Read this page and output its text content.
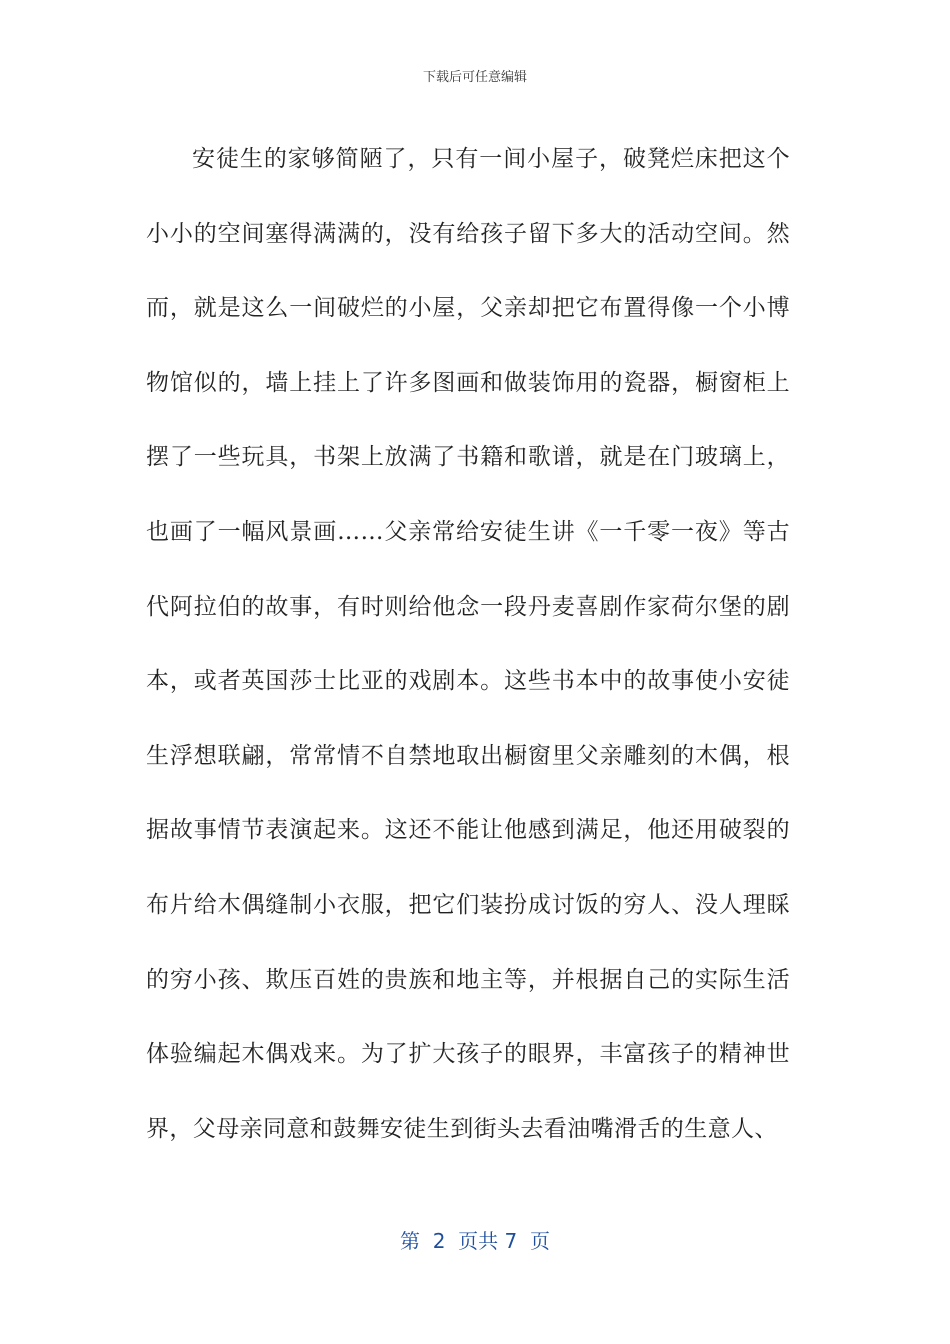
下载后可任意编辑

安徒生的家够简陋了，只有一间小屋子，破凳烂床把这个小小的空间塞得满满的，没有给孩子留下多大的活动空间。然而，就是这么一间破烂的小屋，父亲却把它布置得像一个小博物馆似的，墙上挂上了许多图画和做装饰用的瓷器，橱窗柜上摆了一些玩具，书架上放满了书籍和歌谱，就是在门玻璃上，也画了一幅风景画……父亲常给安徒生讲《一千零一夜》等古代阿拉伯的故事，有时则给他念一段丹麦喜剧作家荷尔堡的剧本，或者英国莎士比亚的戏剧本。这些书本中的故事使小安徒生浮想联翩，常常情不自禁地取出橱窗里父亲雕刻的木偶，根据故事情节表演起来。这还不能让他感到满足，他还用破裂的布片给木偶缝制小衣服，把它们装扮成讨饭的穷人、没人理睬的穷小孩、欺压百姓的贵族和地主等，并根据自己的实际生活体验编起木偶戏来。为了扩大孩子的眼界，丰富孩子的精神世界，父母亲同意和鼓舞安徒生到街头去看油嘴滑舌的生意人、

第  2  页共 7  页
